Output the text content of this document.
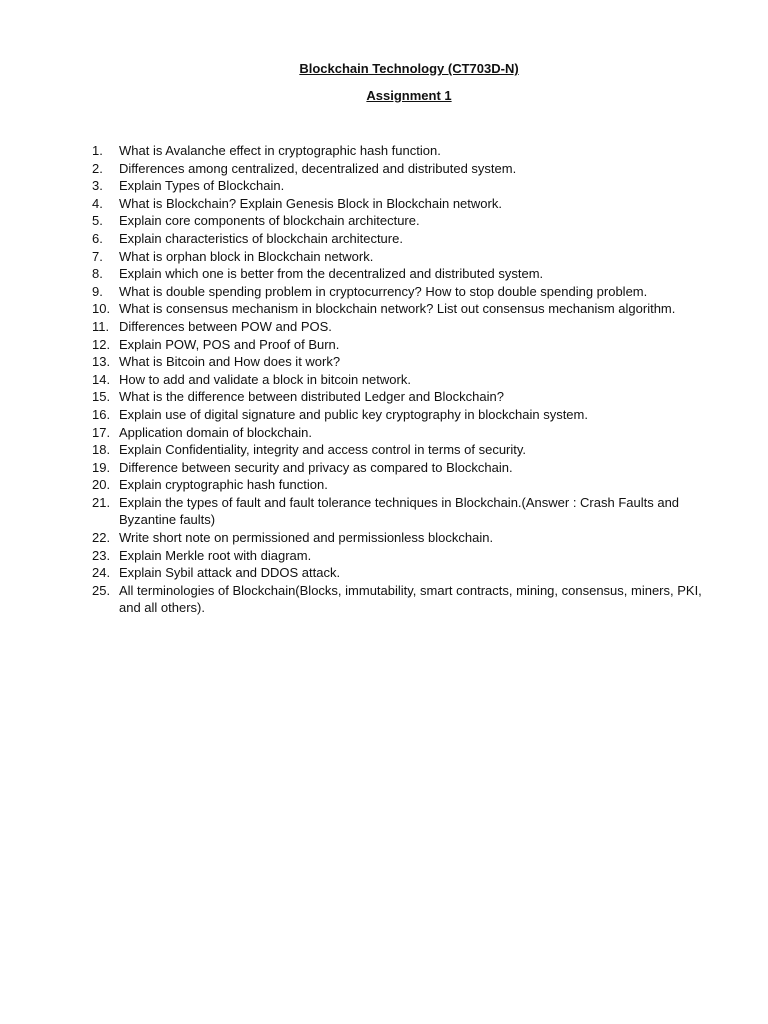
Blockchain Technology (CT703D-N)
Assignment 1
1.	What is Avalanche effect in cryptographic hash function.
2.	Differences among centralized, decentralized and distributed system.
3.	Explain Types of Blockchain.
4.	What is Blockchain? Explain Genesis Block in Blockchain network.
5.	Explain core components of blockchain architecture.
6.	Explain characteristics of blockchain architecture.
7.	What is orphan block in Blockchain network.
8.	Explain which one is better from the decentralized and distributed system.
9.	What is double spending problem in cryptocurrency? How to stop double spending problem.
10. What is consensus mechanism in blockchain network? List out consensus mechanism algorithm.
11. Differences between POW and POS.
12. Explain POW, POS and Proof of Burn.
13. What is Bitcoin and How does it work?
14. How to add and validate a block in bitcoin network.
15. What is the difference between distributed Ledger and Blockchain?
16. Explain use of digital signature and public key cryptography in blockchain system.
17. Application domain of blockchain.
18. Explain Confidentiality, integrity and access control in terms of security.
19. Difference between security and privacy as compared to Blockchain.
20. Explain cryptographic hash function.
21. Explain the types of fault and fault tolerance techniques in Blockchain.(Answer : Crash Faults and Byzantine faults)
22. Write short note on permissioned and permissionless blockchain.
23. Explain Merkle root with diagram.
24. Explain Sybil attack and DDOS attack.
25. All terminologies of Blockchain(Blocks, immutability, smart contracts, mining, consensus, miners, PKI, and all others).
